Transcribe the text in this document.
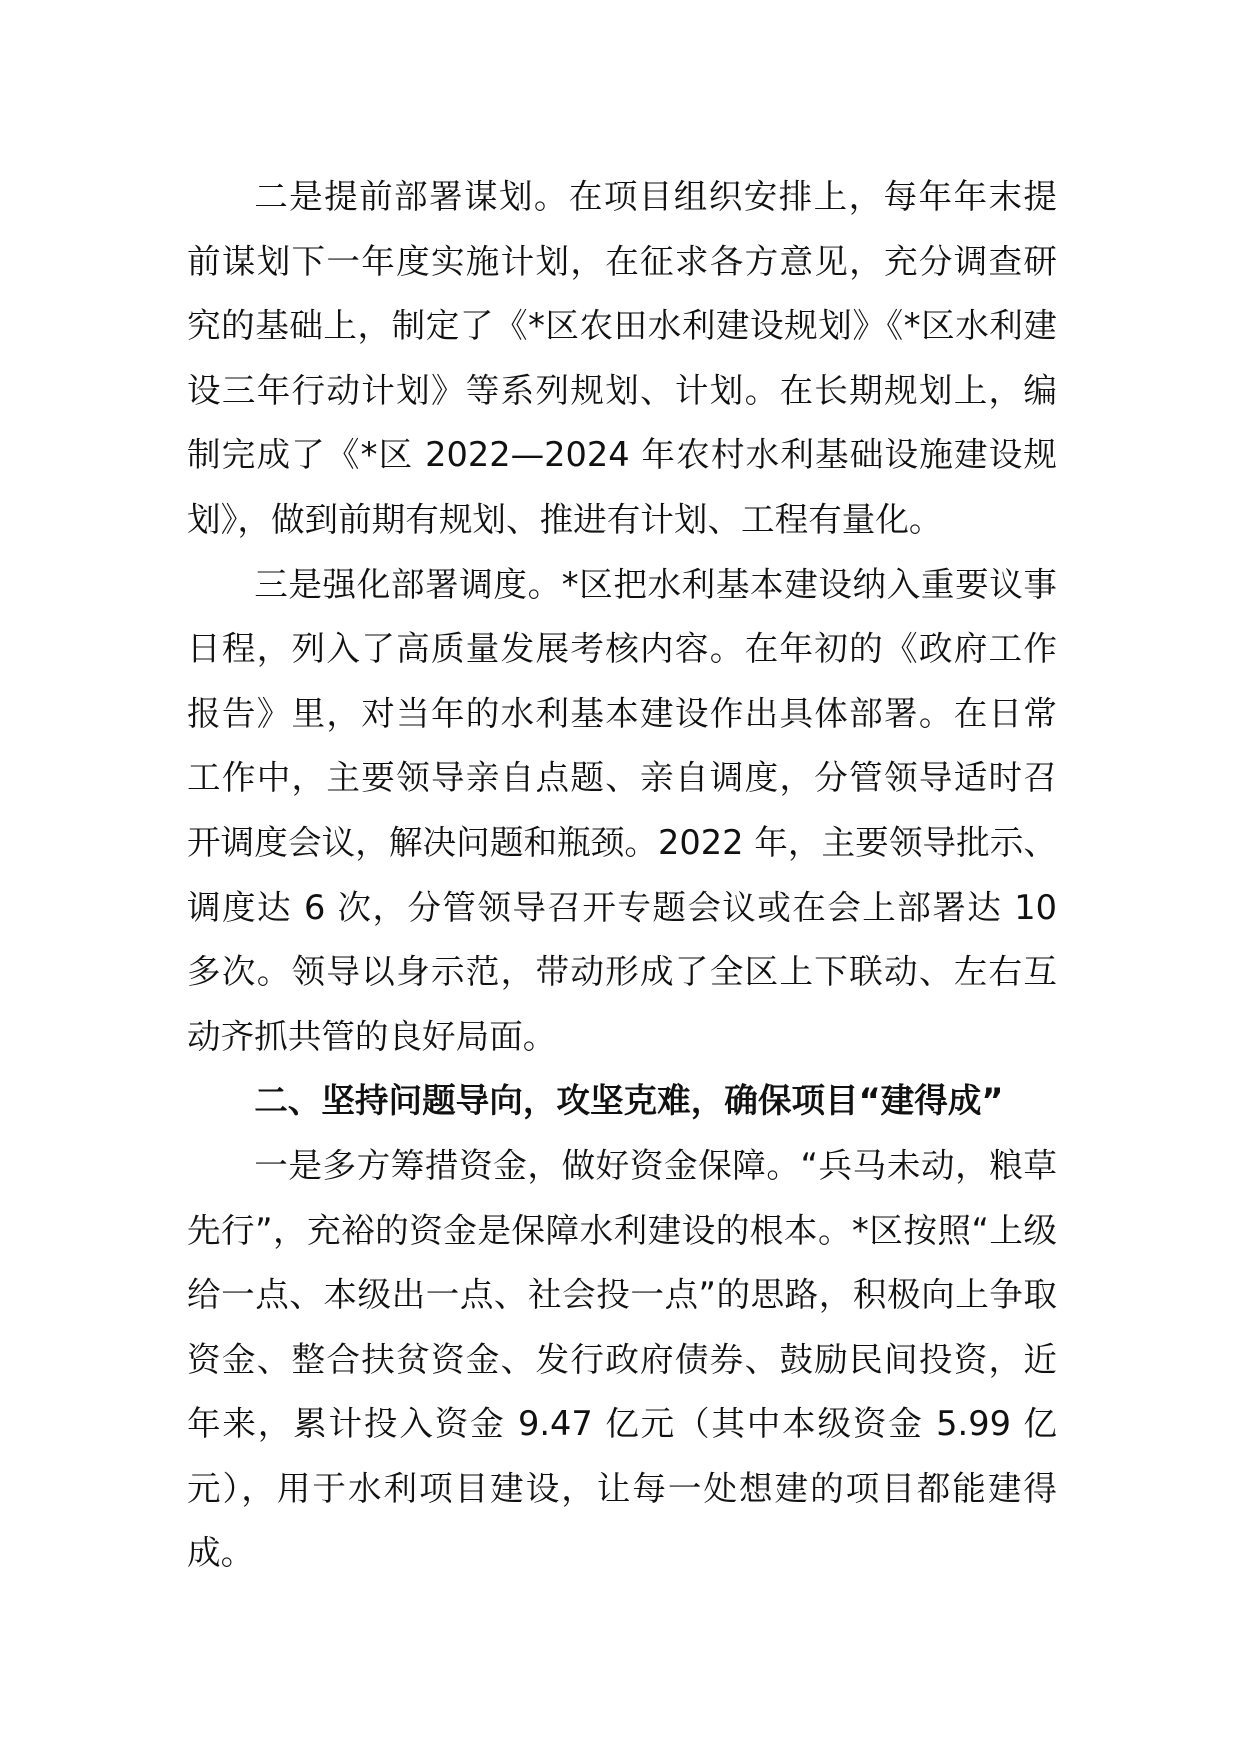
二是提前部署谋划。在项目组织安排上，每年年末提前谋划下一年度实施计划，在征求各方意见，充分调查研究的基础上，制定了《*区农田水利建设规划》《*区水利建设三年行动计划》等系列规划、计划。在长期规划上，编制完成了《*区 2022—2024 年农村水利基础设施建设规划》，做到前期有规划、推进有计划、工程有量化。

三是强化部署调度。*区把水利基本建设纳入重要议事日程，列入了高质量发展考核内容。在年初的《政府工作报告》里，对当年的水利基本建设作出具体部署。在日常工作中，主要领导亲自点题、亲自调度，分管领导适时召开调度会议，解决问题和瓶颈。2022 年，主要领导批示、调度达 6 次，分管领导召开专题会议或在会上部署达 10 多次。领导以身示范，带动形成了全区上下联动、左右互动齐抓共管的良好局面。

二、坚持问题导向，攻坚克难，确保项目“建得成”

一是多方筹措资金，做好资金保障。“兵马未动，粮草先行”，充裕的资金是保障水利建设的根本。*区按照“上级给一点、本级出一点、社会投一点”的思路，积极向上争取资金、整合扶贫资金、发行政府债券、鼓励民间投资，近年来，累计投入资金 9.47 亿元（其中本级资金 5.99 亿元），用于水利项目建设，让每一处想建的项目都能建得成。
